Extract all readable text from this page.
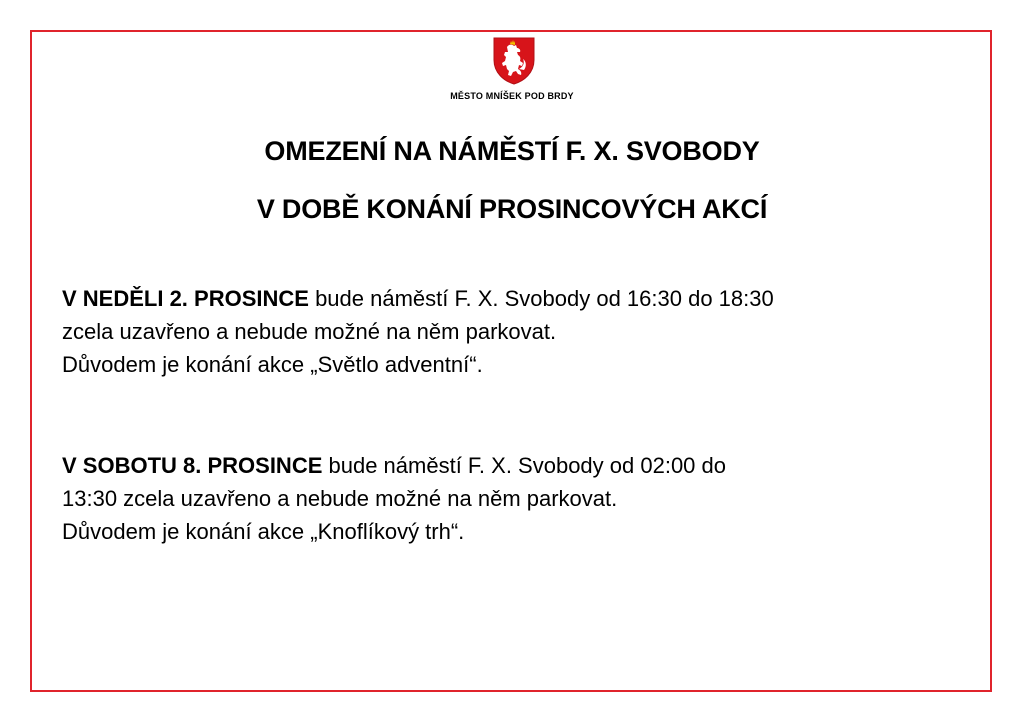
MĚSTO MNÍŠEK POD BRDY
OMEZENÍ NA NÁMĚSTÍ F. X. SVOBODY
V DOBĚ KONÁNÍ PROSINCOVÝCH AKCÍ
V NEDĚLI 2. PROSINCE bude náměstí F. X. Svobody od 16:30 do 18:30
zcela uzavřeno a nebude možné na něm parkovat.
Důvodem je konání akce „Světlo adventní“.
V SOBOTU 8. PROSINCE bude náměstí F. X. Svobody od 02:00 do
13:30 zcela uzavřeno a nebude možné na něm parkovat.
Důvodem je konání akce „Knoflíkový trh“.
